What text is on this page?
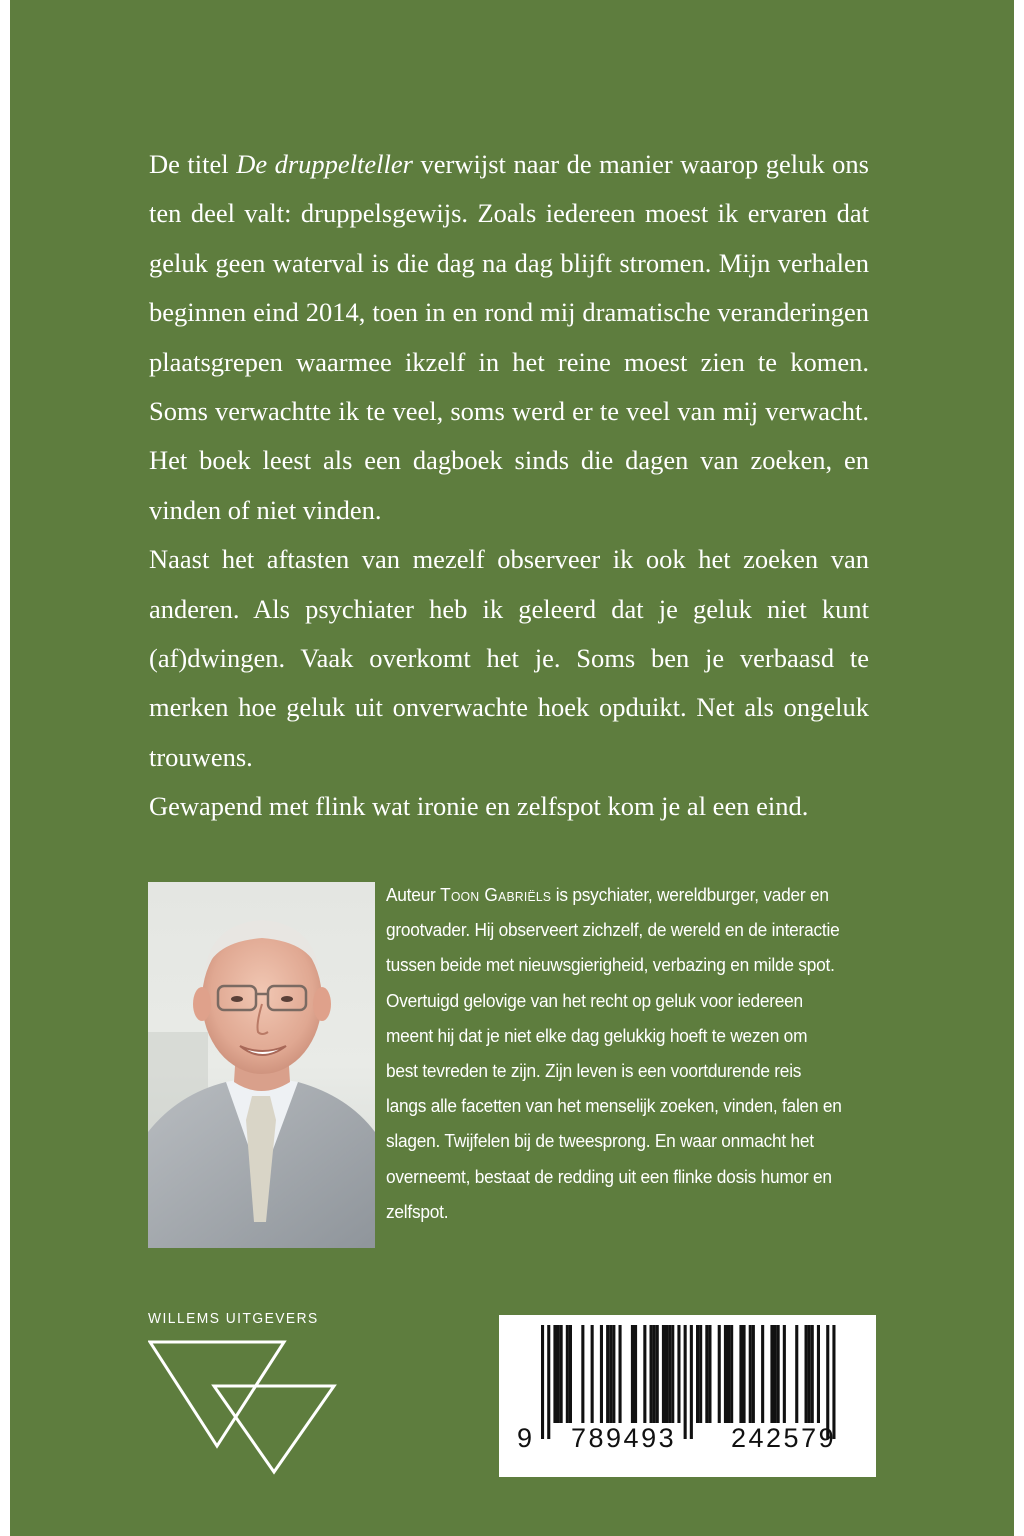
De titel De druppelteller verwijst naar de manier waarop geluk ons ten deel valt: druppelsgewijs. Zoals iedereen moest ik ervaren dat geluk geen waterval is die dag na dag blijft stromen. Mijn verhalen beginnen eind 2014, toen in en rond mij dramatische veranderingen plaatsgrepen waarmee ikzelf in het reine moest zien te komen. Soms verwachtte ik te veel, soms werd er te veel van mij verwacht. Het boek leest als een dagboek sinds die dagen van zoeken, en vinden of niet vinden.

Naast het aftasten van mezelf observeer ik ook het zoeken van anderen. Als psychiater heb ik geleerd dat je geluk niet kunt (af)dwingen. Vaak overkomt het je. Soms ben je verbaasd te merken hoe geluk uit onverwachte hoek opduikt. Net als ongeluk trouwens.

Gewapend met flink wat ironie en zelfspot kom je al een eind.

Auteur Toon Gabriëls is psychiater, wereldburger, vader en grootvader. Hij observeert zichzelf, de wereld en de interactie tussen beide met nieuwsgierigheid, verbazing en milde spot. Overtuigd gelovige van het recht op geluk voor iedereen meent hij dat je niet elke dag gelukkig hoeft te wezen om best tevreden te zijn. Zijn leven is een voortdurende reis langs alle facetten van het menselijk zoeken, vinden, falen en slagen. Twijfelen bij de tweesprong. En waar onmacht het overneemt, bestaat de redding uit een flinke dosis humor en zelfspot.

WILLEMS UITGEVERS
9 789493 242579
